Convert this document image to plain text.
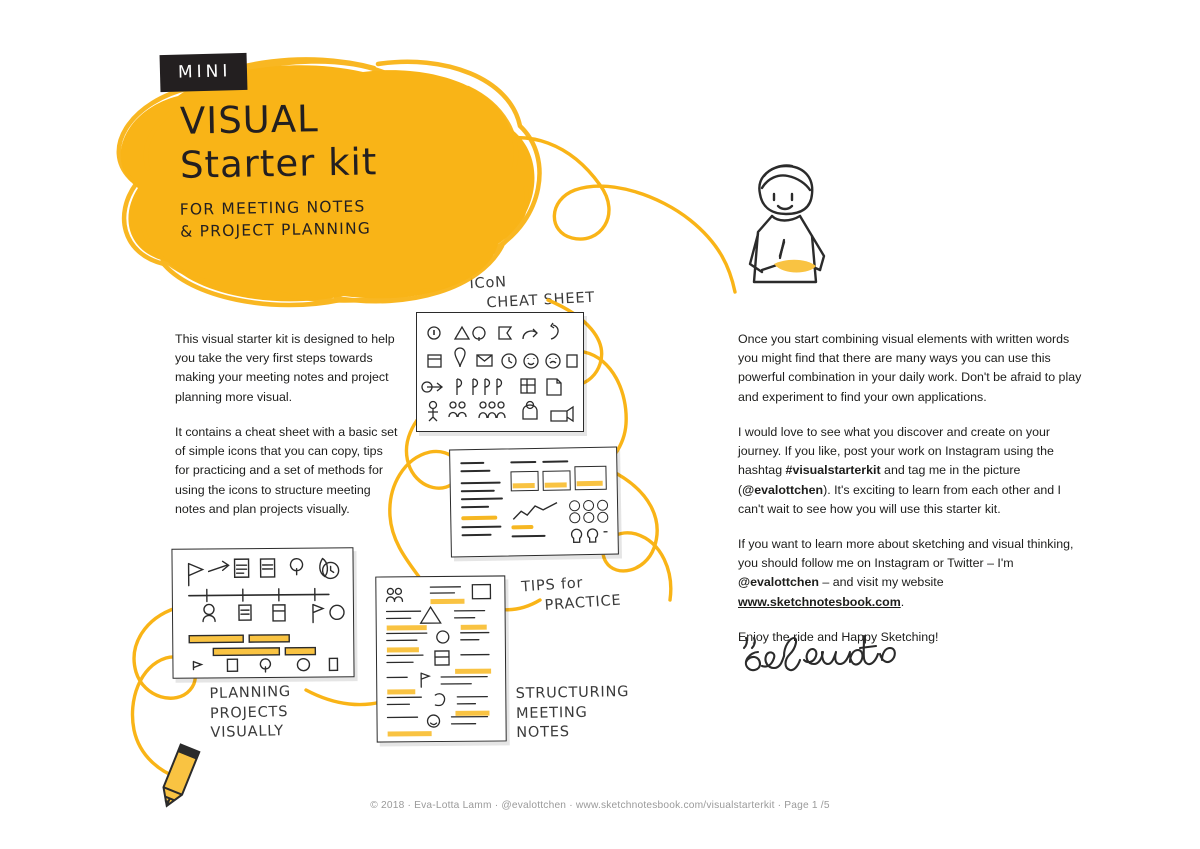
MINI
VISUAL
Starter kit
FOR MEETING NOTES
& PROJECT PLANNING

This visual starter kit is designed to help you take the very first steps towards making your meeting notes and project planning more visual.

It contains a cheat sheet with a basic set of simple icons that you can copy, tips for practicing and a set of methods for using the icons to structure meeting notes and plan projects visually.

Once you start combining visual elements with written words you might find that there are many ways you can use this powerful combination in your daily work. Don't be afraid to play and experiment to find your own applications.

I would love to see what you discover and create on your journey. If you like, post your work on Instagram using the hashtag #visualstarterkit and tag me in the picture (@evalottchen). It's exciting to learn from each other and I can't wait to see how you will use this starter kit.

If you want to learn more about sketching and visual thinking, you should follow me on Instagram or Twitter – I'm @evalottchen – and visit my website www.sketchnotesbook.com.

Enjoy the ride and Happy Sketching!

ICoN
CHEAT SHEET
TIPS for
PRACTICE
PLANNING
PROJECTS
VISUALLY
STRUCTURING
MEETING
NOTES
© 2018 · Eva-Lotta Lamm · @evalottchen · www.sketchnotesbook.com/visualstarterkit · Page 1 /5
